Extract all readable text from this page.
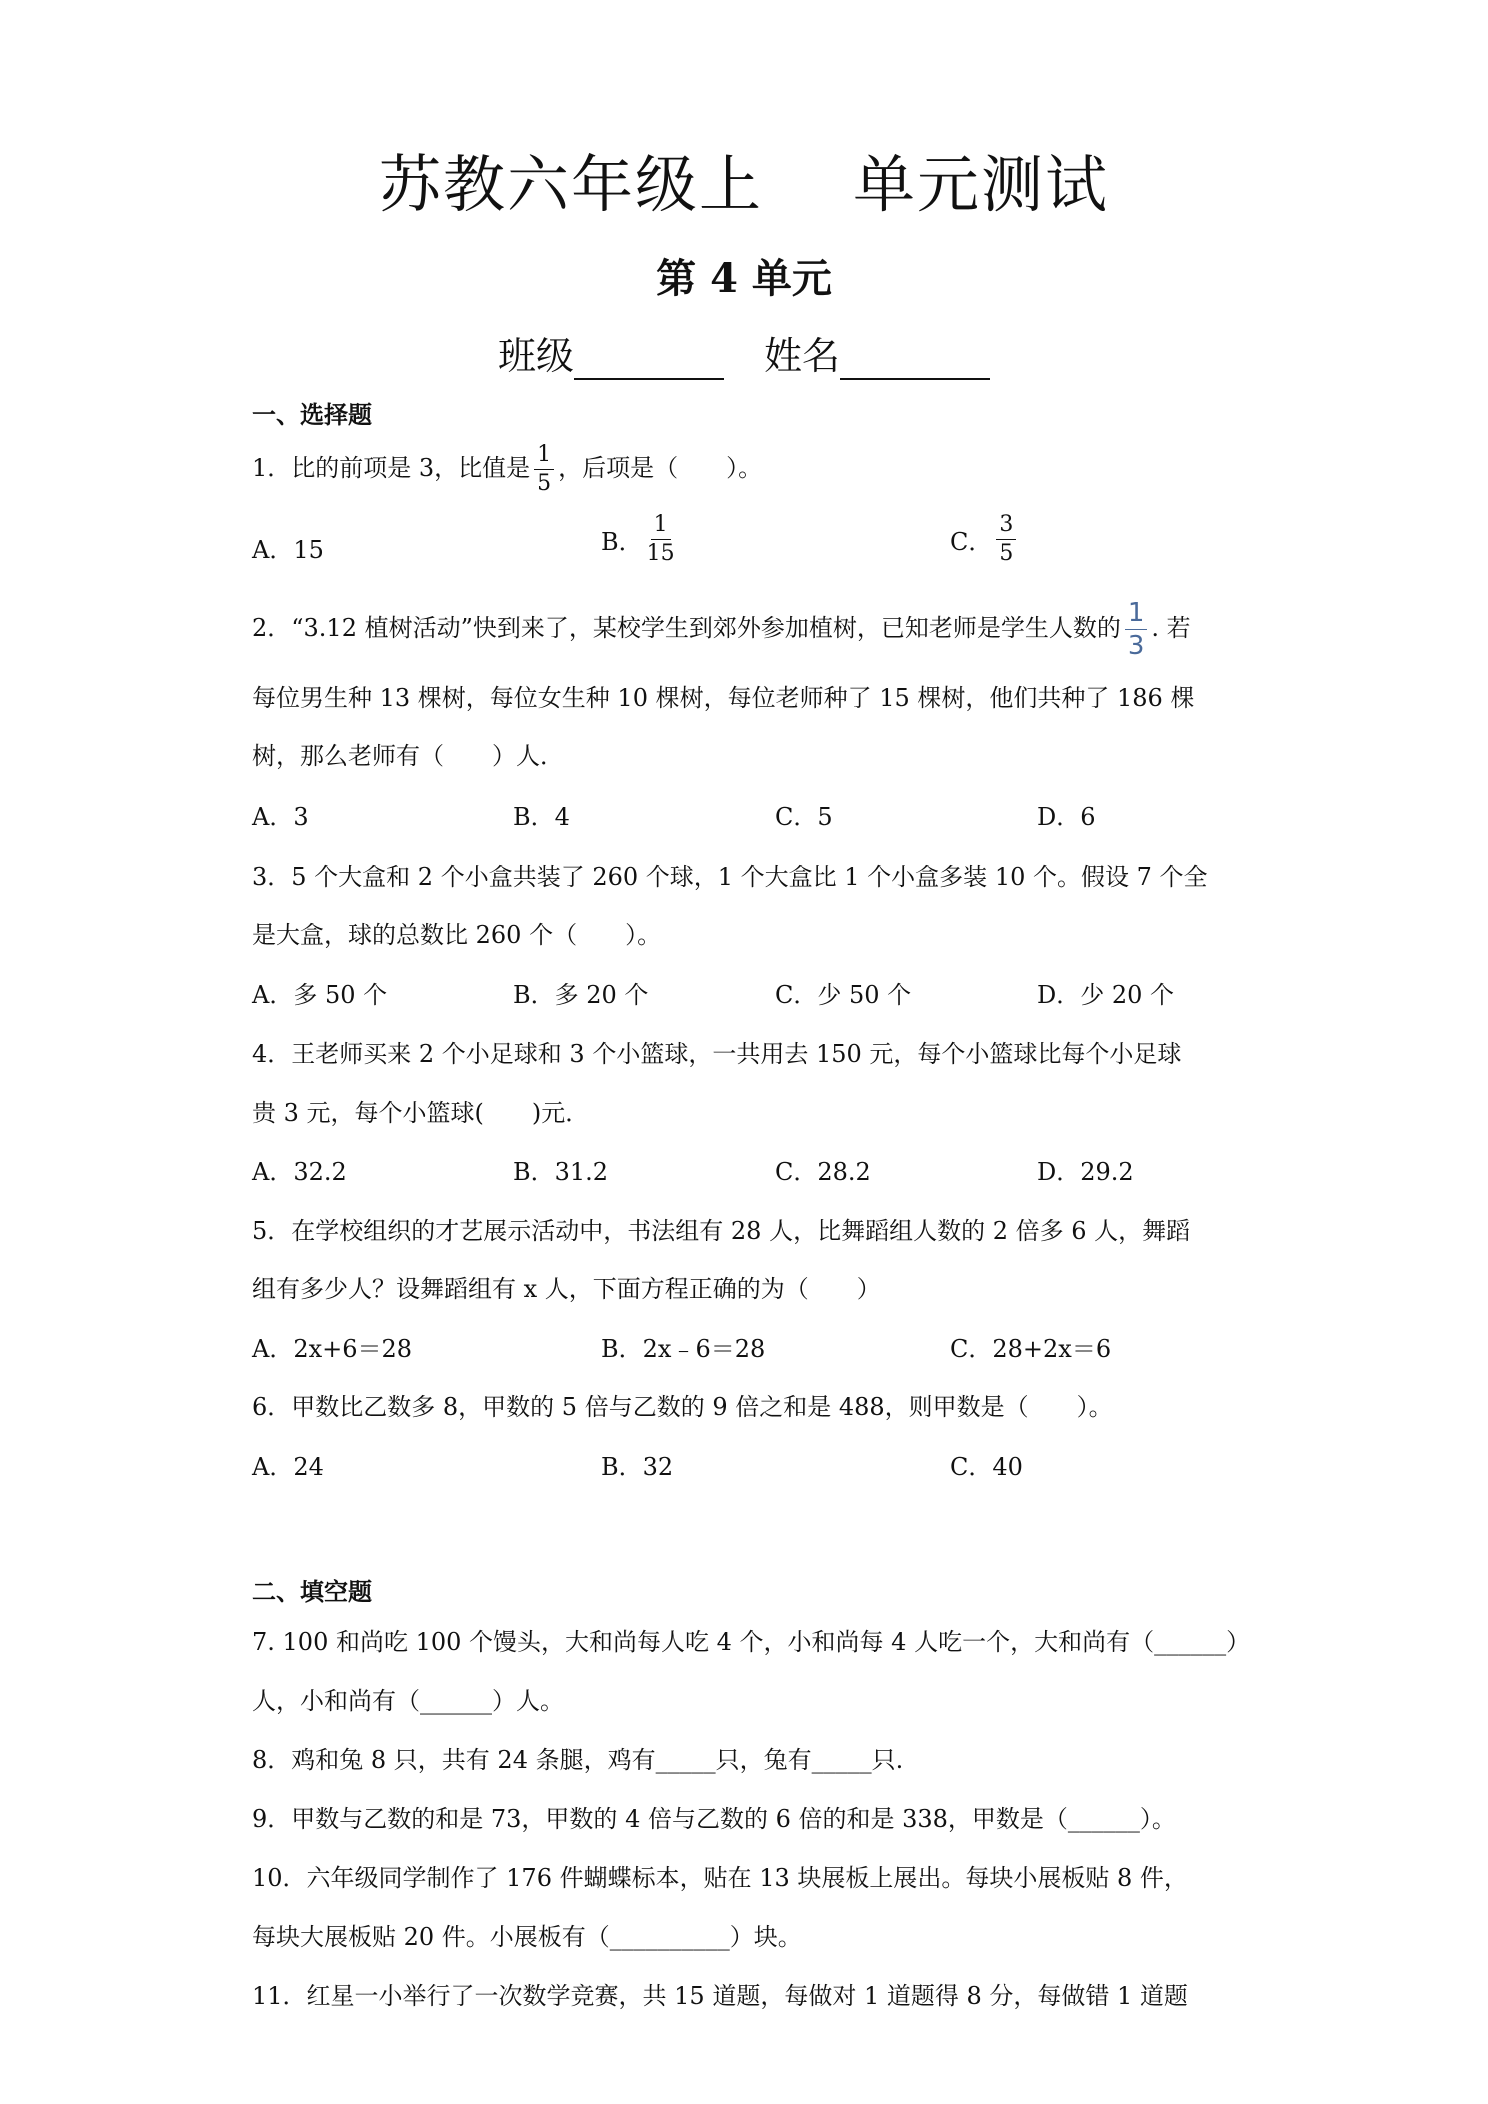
苏教六年级上 单元测试
第 4 单元
班级	姓名
一、选择题
1．比的前项是 3，比值是 $\frac{1}{5}$ ，后项是（　　）。
A．15	B． $\frac{1}{15}$	C． $\frac{3}{5}$
2．“3.12 植树活动”快到来了，某校学生到郊外参加植树，已知老师是学生人数的 $\frac{1}{3}$ . 若
每位男生种 13 棵树，每位女生种 10 棵树，每位老师种了 15 棵树，他们共种了 186 棵
树，那么老师有（　　）人．
A．3	B．4	C．5	D．6
3．5 个大盒和 2 个小盒共装了 260 个球，1 个大盒比 1 个小盒多装 10 个。假设 7 个全
是大盒，球的总数比 260 个（　　）。
A．多 50 个	B．多 20 个	C．少 50 个	D．少 20 个
4．王老师买来 2 个小足球和 3 个小篮球，一共用去 150 元，每个小篮球比每个小足球
贵 3 元，每个小篮球(　　)元．
A．32.2	B．31.2	C．28.2	D．29.2
5．在学校组织的才艺展示活动中，书法组有 28 人，比舞蹈组人数的 2 倍多 6 人，舞蹈
组有多少人？设舞蹈组有 x 人，下面方程正确的为（　　）
A．2x+6＝28	B．2x﹣6＝28	C．28+2x＝6
6．甲数比乙数多 8，甲数的 5 倍与乙数的 9 倍之和是 488，则甲数是（　　）。
A．24	B．32	C．40
二、填空题
7. 100 和尚吃 100 个馒头，大和尚每人吃 4 个，小和尚每 4 人吃一个，大和尚有（______）
人，小和尚有（______）人。
8．鸡和兔 8 只，共有 24 条腿，鸡有_____只，兔有_____只.
9．甲数与乙数的和是 73，甲数的 4 倍与乙数的 6 倍的和是 338，甲数是（______）。
10．六年级同学制作了 176 件蝴蝶标本，贴在 13 块展板上展出。每块小展板贴 8 件，
每块大展板贴 20 件。小展板有（__________）块。
11．红星一小举行了一次数学竞赛，共 15 道题，每做对 1 道题得 8 分，每做错 1 道题
